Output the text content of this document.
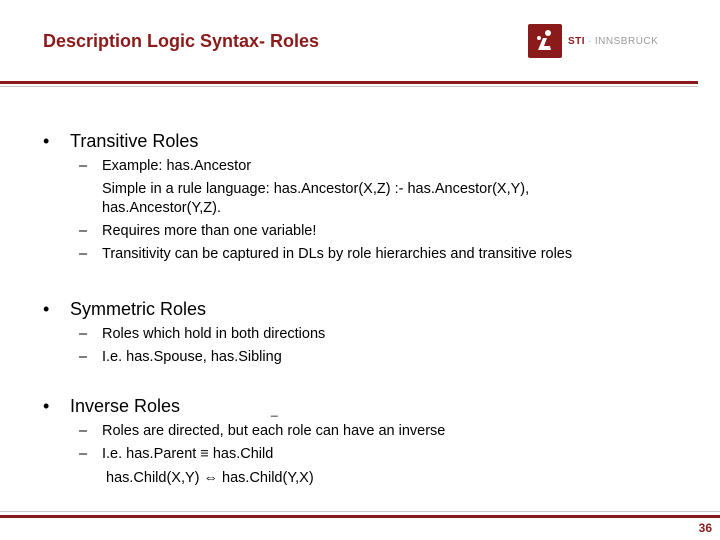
Description Logic Syntax- Roles	STI · INNSBRUCK
• Transitive Roles
– Example: has.Ancestor
Simple in a rule language: has.Ancestor(X,Z) :- has.Ancestor(X,Y),
has.Ancestor(Y,Z).
– Requires more than one variable!
– Transitivity can be captured in DLs by role hierarchies and transitive roles
• Symmetric Roles
– Roles which hold in both directions
– I.e. has.Spouse, has.Sibling
• Inverse Roles	_
– Roles are directed, but each role can have an inverse
– I.e. has.Parent ≡ has.Child
has.Child(X,Y) ⇔ has.Child(Y,X)
36
